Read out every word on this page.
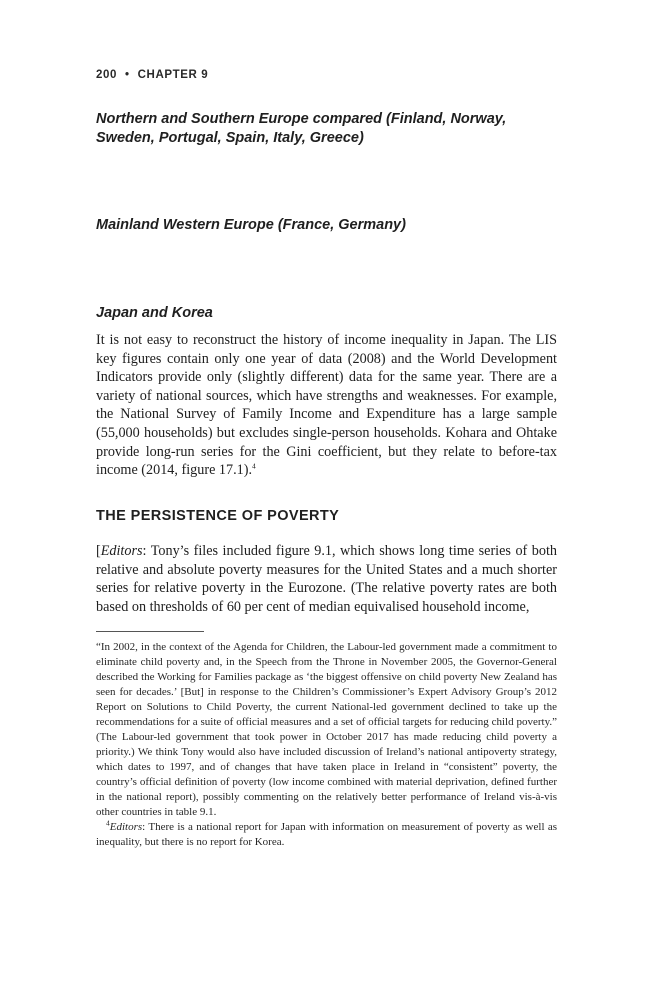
200 • CHAPTER 9
Northern and Southern Europe compared (Finland, Norway, Sweden, Portugal, Spain, Italy, Greece)
Mainland Western Europe (France, Germany)
Japan and Korea
It is not easy to reconstruct the history of income inequality in Japan. The LIS key figures contain only one year of data (2008) and the World Development Indicators provide only (slightly different) data for the same year. There are a variety of national sources, which have strengths and weaknesses. For example, the National Survey of Family Income and Expenditure has a large sample (55,000 households) but excludes single-person households. Kohara and Ohtake provide long-run series for the Gini coefficient, but they relate to before-tax income (2014, figure 17.1).$^4$
THE PERSISTENCE OF POVERTY
[Editors: Tony’s files included figure 9.1, which shows long time series of both relative and absolute poverty measures for the United States and a much shorter series for relative poverty in the Eurozone. (The relative poverty rates are both based on thresholds of 60 per cent of median equivalised household income,

“In 2002, in the context of the Agenda for Children, the Labour-led government made a commitment to eliminate child poverty and, in the Speech from the Throne in November 2005, the Governor-General described the Working for Families package as ‘the biggest offensive on child poverty New Zealand has seen for decades.’ [But] in response to the Children’s Commissioner’s Expert Advisory Group’s 2012 Report on Solutions to Child Poverty, the current National-led government declined to take up the recommendations for a suite of official measures and a set of official targets for reducing child poverty.” (The Labour-led government that took power in October 2017 has made reducing child poverty a priority.) We think Tony would also have included discussion of Ireland’s national antipoverty strategy, which dates to 1997, and of changes that have taken place in Ireland in “consistent” poverty, the country’s official definition of poverty (low income combined with material deprivation, defined further in the national report), possibly commenting on the relatively better performance of Ireland vis-à-vis other countries in table 9.1.

$^4$Editors: There is a national report for Japan with information on measurement of poverty as well as inequality, but there is no report for Korea.
